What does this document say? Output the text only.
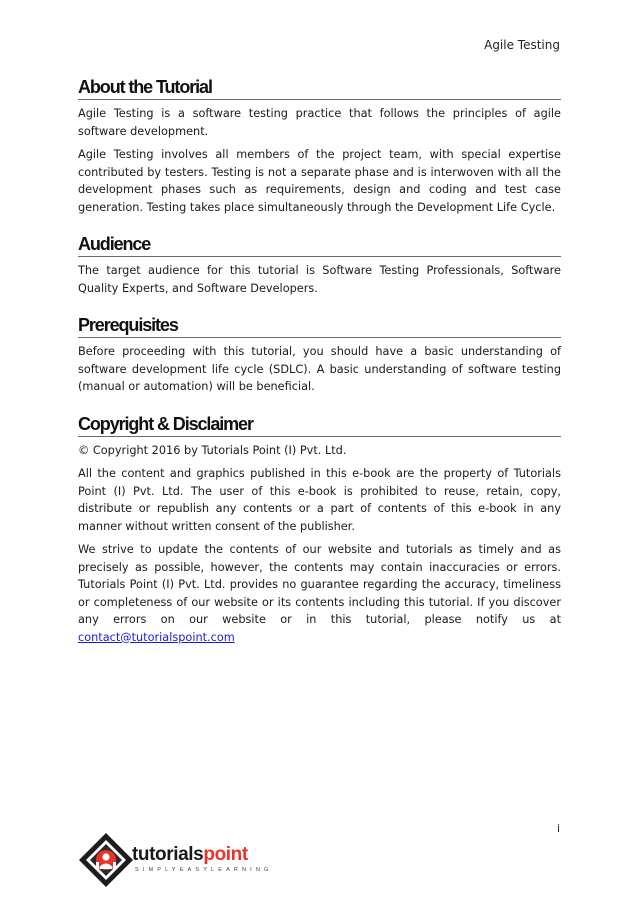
Agile Testing
About the Tutorial

Agile Testing is a software testing practice that follows the principles of agile software development.

Agile Testing involves all members of the project team, with special expertise contributed by testers. Testing is not a separate phase and is interwoven with all the development phases such as requirements, design and coding and test case generation. Testing takes place simultaneously through the Development Life Cycle.

Audience

The target audience for this tutorial is Software Testing Professionals, Software Quality Experts, and Software Developers.

Prerequisites

Before proceeding with this tutorial, you should have a basic understanding of software development life cycle (SDLC). A basic understanding of software testing (manual or automation) will be beneficial.

Copyright & Disclaimer

© Copyright 2016 by Tutorials Point (I) Pvt. Ltd.

All the content and graphics published in this e-book are the property of Tutorials Point (I) Pvt. Ltd. The user of this e-book is prohibited to reuse, retain, copy, distribute or republish any contents or a part of contents of this e-book in any manner without written consent of the publisher.

We strive to update the contents of our website and tutorials as timely and as precisely as possible, however, the contents may contain inaccuracies or errors. Tutorials Point (I) Pvt. Ltd. provides no guarantee regarding the accuracy, timeliness or completeness of our website or its contents including this tutorial. If you discover any errors on our website or in this tutorial, please notify us at contact@tutorialspoint.com

i
tutorialspoint
SIMPLYEASYLEARNING
